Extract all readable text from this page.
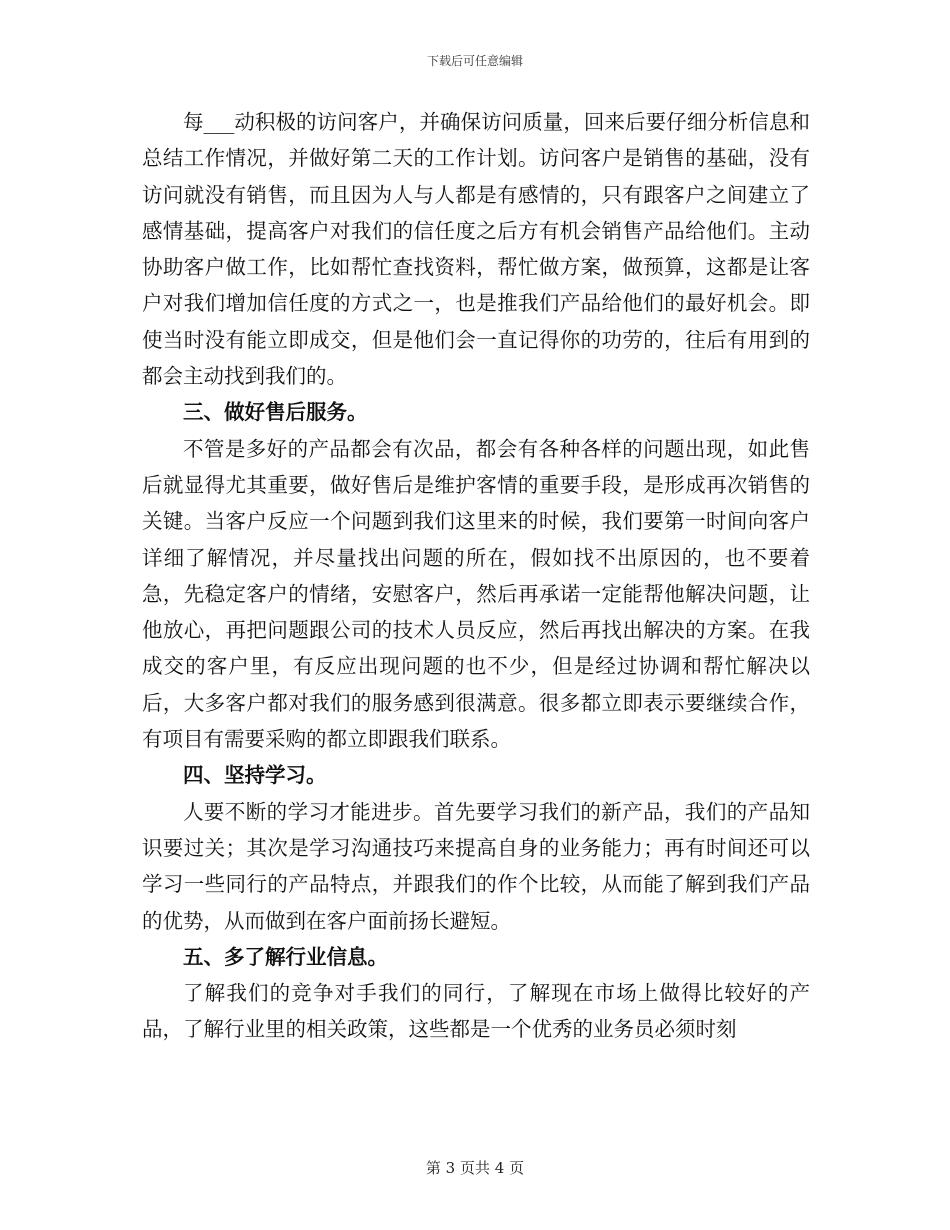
下载后可任意编辑

每___动积极的访问客户，并确保访问质量，回来后要仔细分析信息和总结工作情况，并做好第二天的工作计划。访问客户是销售的基础，没有访问就没有销售，而且因为人与人都是有感情的，只有跟客户之间建立了感情基础，提高客户对我们的信任度之后方有机会销售产品给他们。主动协助客户做工作，比如帮忙查找资料，帮忙做方案，做预算，这都是让客户对我们增加信任度的方式之一，也是推我们产品给他们的最好机会。即使当时没有能立即成交，但是他们会一直记得你的功劳的，往后有用到的都会主动找到我们的。

三、做好售后服务。

不管是多好的产品都会有次品，都会有各种各样的问题出现，如此售后就显得尤其重要，做好售后是维护客情的重要手段，是形成再次销售的关键。当客户反应一个问题到我们这里来的时候，我们要第一时间向客户详细了解情况，并尽量找出问题的所在，假如找不出原因的，也不要着急，先稳定客户的情绪，安慰客户，然后再承诺一定能帮他解决问题，让他放心，再把问题跟公司的技术人员反应，然后再找出解决的方案。在我成交的客户里，有反应出现问题的也不少，但是经过协调和帮忙解决以后，大多客户都对我们的服务感到很满意。很多都立即表示要继续合作，有项目有需要采购的都立即跟我们联系。

四、坚持学习。

人要不断的学习才能进步。首先要学习我们的新产品，我们的产品知识要过关；其次是学习沟通技巧来提高自身的业务能力；再有时间还可以学习一些同行的产品特点，并跟我们的作个比较，从而能了解到我们产品的优势，从而做到在客户面前扬长避短。

五、多了解行业信息。

了解我们的竞争对手我们的同行，了解现在市场上做得比较好的产品，了解行业里的相关政策，这些都是一个优秀的业务员必须时刻

第 3 页共 4 页
